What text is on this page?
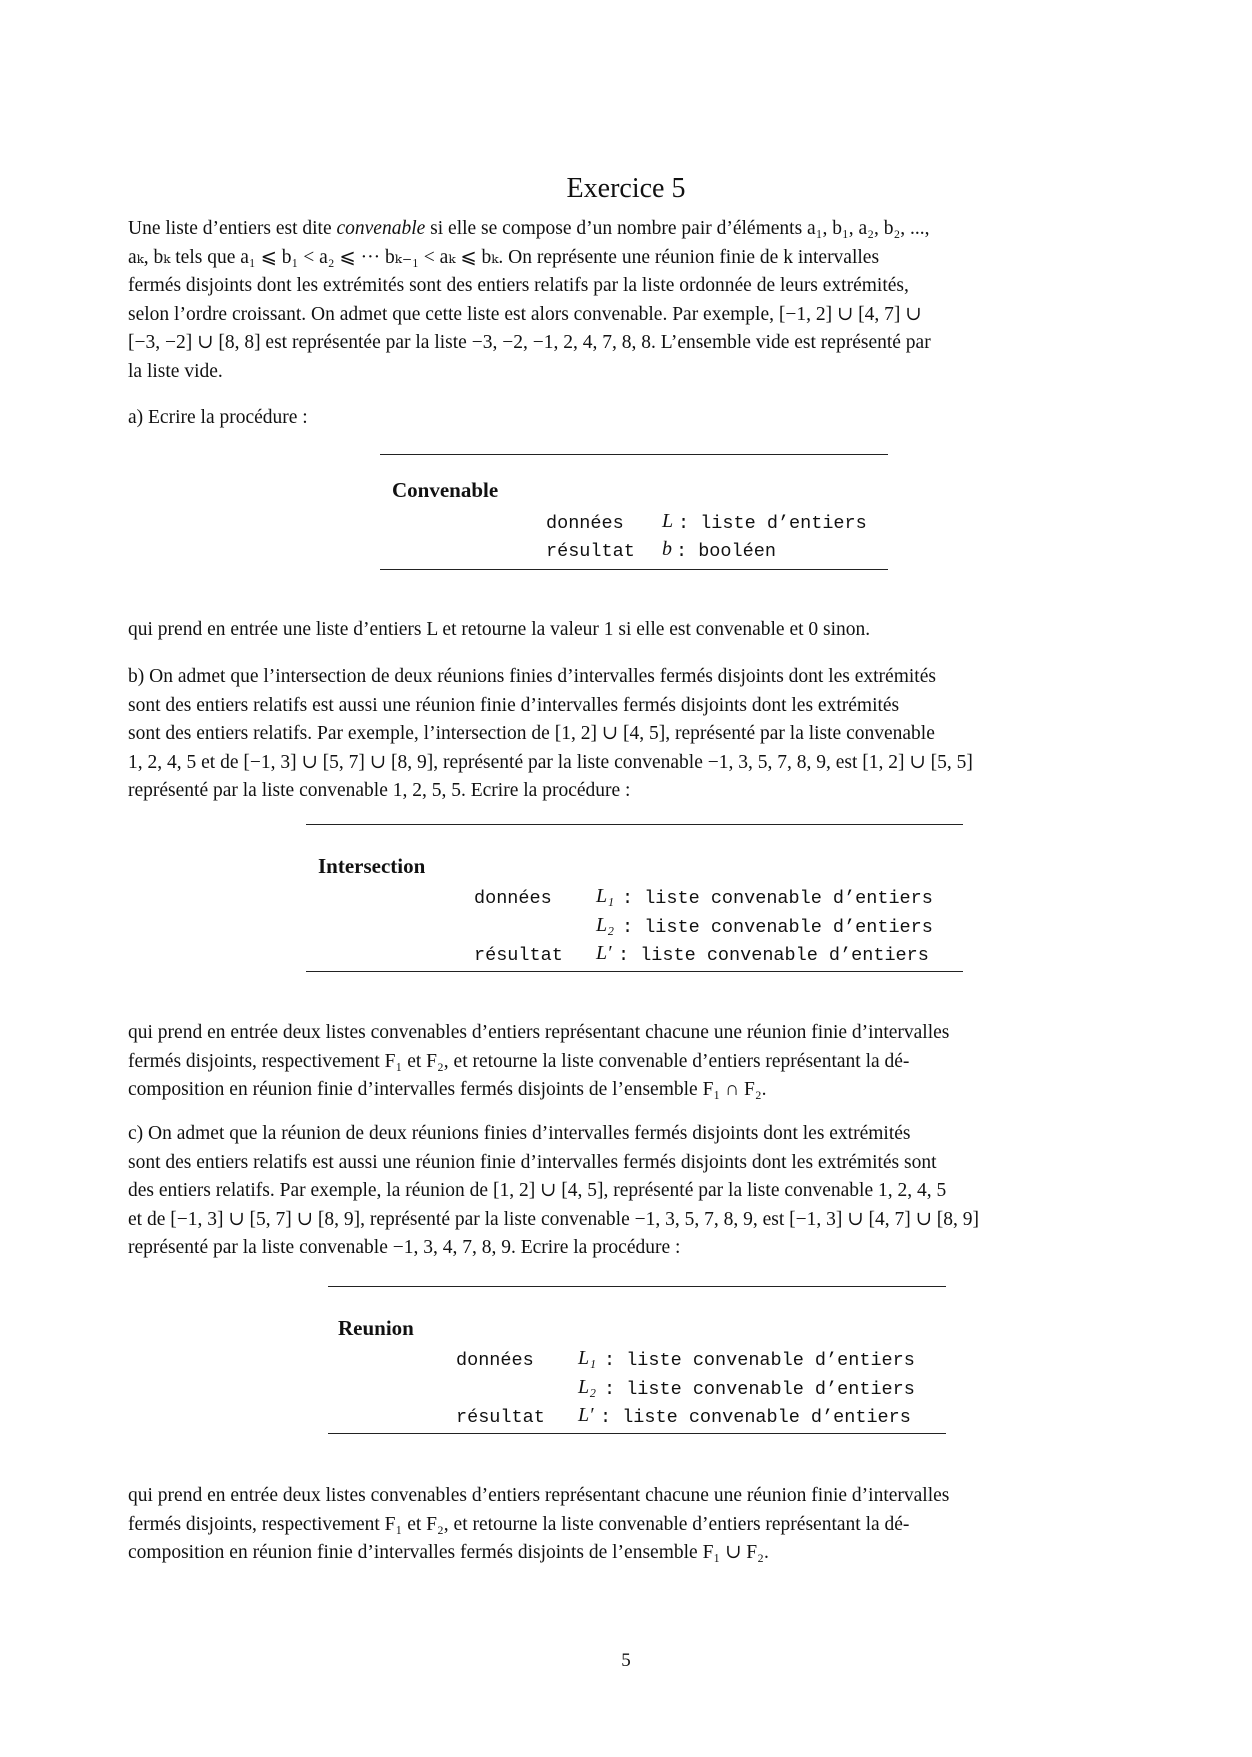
Exercice 5
Une liste d’entiers est dite convenable si elle se compose d’un nombre pair d’éléments a₁, b₁, a₂, b₂, ...,
aₖ, bₖ tels que a₁ ⩽ b₁ < a₂ ⩽ ··· bₖ₋₁ < aₖ ⩽ bₖ. On représente une réunion finie de k intervalles
fermés disjoints dont les extrémités sont des entiers relatifs par la liste ordonnée de leurs extrémités,
selon l’ordre croissant. On admet que cette liste est alors convenable. Par exemple, [−1, 2] ∪ [4, 7] ∪
[−3, −2] ∪ [8, 8] est représentée par la liste −3, −2, −1, 2, 4, 7, 8, 8. L’ensemble vide est représenté par
la liste vide.
a) Ecrire la procédure :
Convenable
données L : liste d’entiers
résultat b : booléen
qui prend en entrée une liste d’entiers L et retourne la valeur 1 si elle est convenable et 0 sinon.
b) On admet que l’intersection de deux réunions finies d’intervalles fermés disjoints dont les extrémités
sont des entiers relatifs est aussi une réunion finie d’intervalles fermés disjoints dont les extrémités
sont des entiers relatifs. Par exemple, l’intersection de [1, 2] ∪ [4, 5], représenté par la liste convenable
1, 2, 4, 5 et de [−1, 3] ∪ [5, 7] ∪ [8, 9], représenté par la liste convenable −1, 3, 5, 7, 8, 9, est [1, 2] ∪ [5, 5]
représenté par la liste convenable 1, 2, 5, 5. Ecrire la procédure :
Intersection
données L₁ : liste convenable d’entiers
L₂ : liste convenable d’entiers
résultat L′ : liste convenable d’entiers
qui prend en entrée deux listes convenables d’entiers représentant chacune une réunion finie d’intervalles
fermés disjoints, respectivement F₁ et F₂, et retourne la liste convenable d’entiers représentant la dé-
composition en réunion finie d’intervalles fermés disjoints de l’ensemble F₁ ∩ F₂.
c) On admet que la réunion de deux réunions finies d’intervalles fermés disjoints dont les extrémités
sont des entiers relatifs est aussi une réunion finie d’intervalles fermés disjoints dont les extrémités sont
des entiers relatifs. Par exemple, la réunion de [1, 2] ∪ [4, 5], représenté par la liste convenable 1, 2, 4, 5
et de [−1, 3] ∪ [5, 7] ∪ [8, 9], représenté par la liste convenable −1, 3, 5, 7, 8, 9, est [−1, 3] ∪ [4, 7] ∪ [8, 9]
représenté par la liste convenable −1, 3, 4, 7, 8, 9. Ecrire la procédure :
Reunion
données L₁ : liste convenable d’entiers
L₂ : liste convenable d’entiers
résultat L′ : liste convenable d’entiers
qui prend en entrée deux listes convenables d’entiers représentant chacune une réunion finie d’intervalles
fermés disjoints, respectivement F₁ et F₂, et retourne la liste convenable d’entiers représentant la dé-
composition en réunion finie d’intervalles fermés disjoints de l’ensemble F₁ ∪ F₂.
5
